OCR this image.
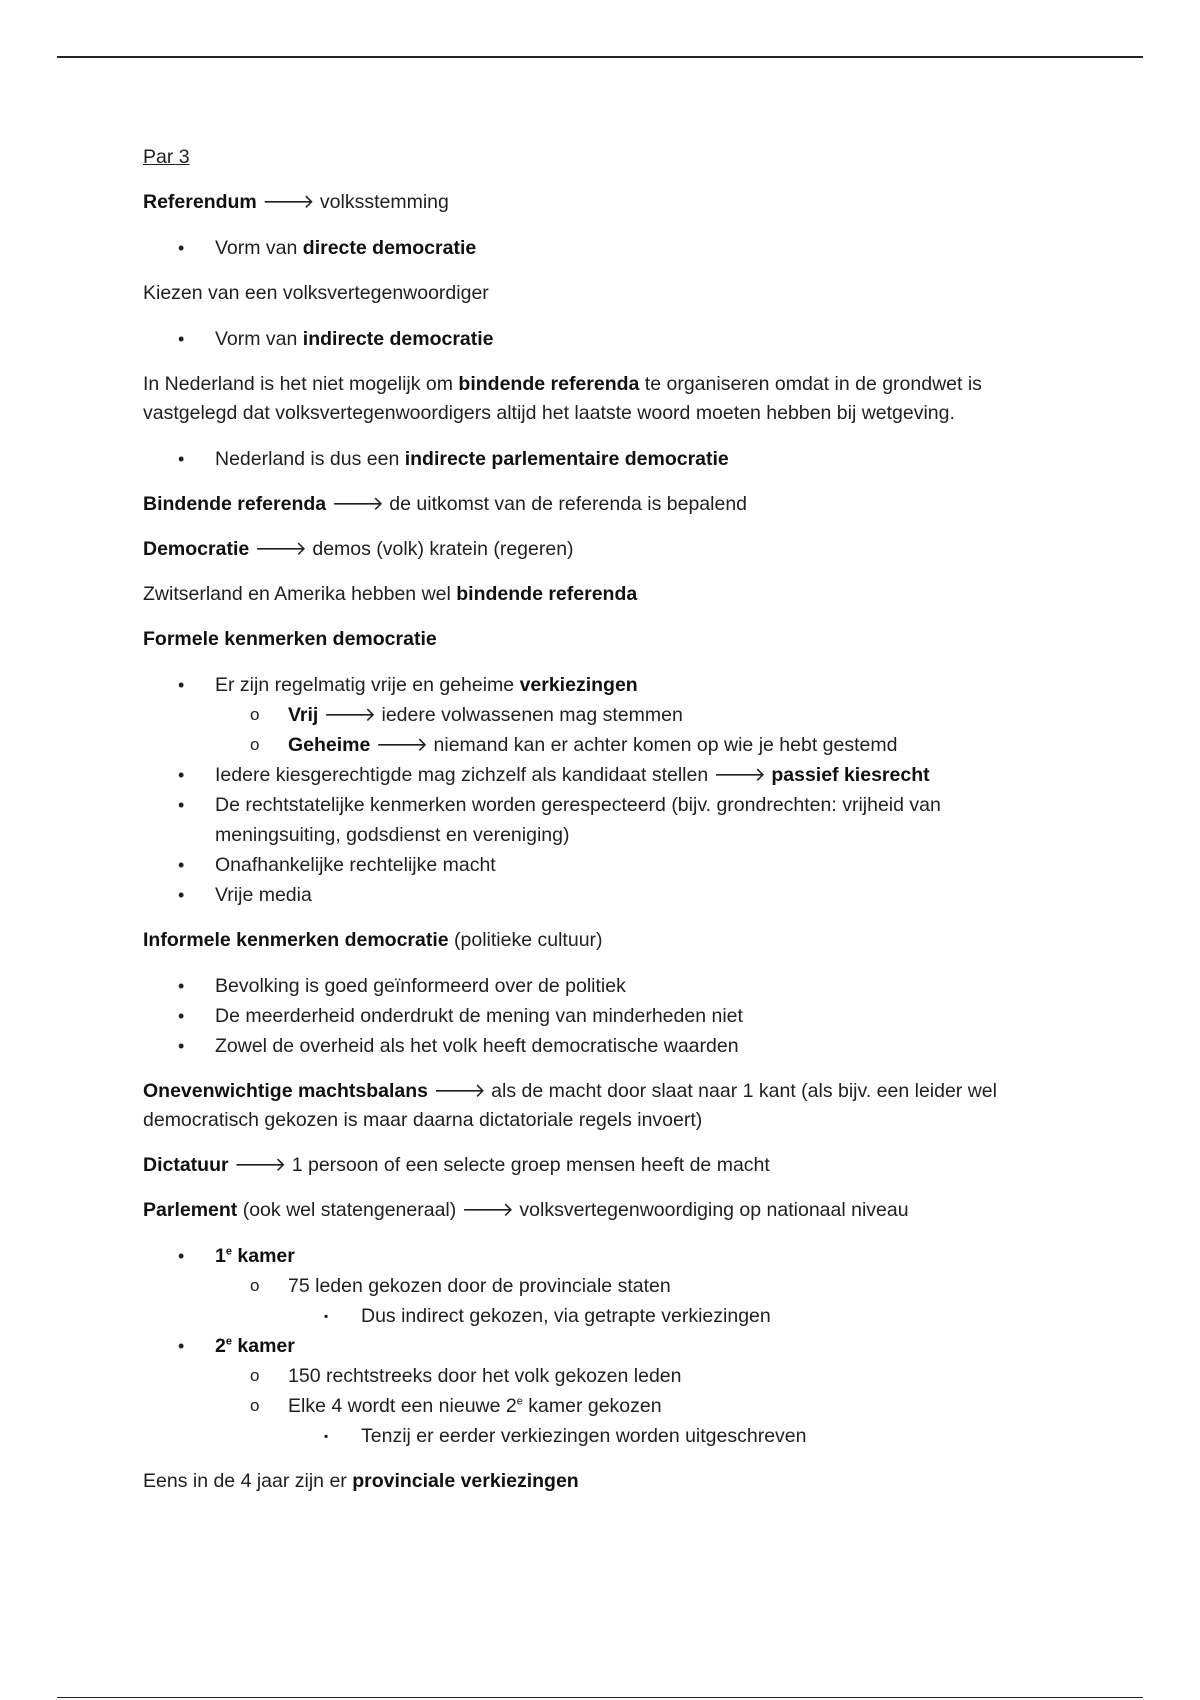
Par 3

Referendum 🡒 volksstemming

• Vorm van directe democratie

Kiezen van een volksvertegenwoordiger

• Vorm van indirecte democratie

In Nederland is het niet mogelijk om bindende referenda te organiseren omdat in de grondwet is vastgelegd dat volksvertegenwoordigers altijd het laatste woord moeten hebben bij wetgeving.

• Nederland is dus een indirecte parlementaire democratie

Bindende referenda 🡒 de uitkomst van de referenda is bepalend

Democratie 🡒 demos (volk) kratein (regeren)

Zwitserland en Amerika hebben wel bindende referenda

Formele kenmerken democratie

• Er zijn regelmatig vrije en geheime verkiezingen
o Vrij 🡒 iedere volwassenen mag stemmen
o Geheime 🡒 niemand kan er achter komen op wie je hebt gestemd
• Iedere kiesgerechtigde mag zichzelf als kandidaat stellen 🡒 passief kiesrecht
• De rechtstatelijke kenmerken worden gerespecteerd (bijv. grondrechten: vrijheid van meningsuiting, godsdienst en vereniging)
• Onafhankelijke rechtelijke macht
• Vrije media

Informele kenmerken democratie (politieke cultuur)

• Bevolking is goed geïnformeerd over de politiek
• De meerderheid onderdrukt de mening van minderheden niet
• Zowel de overheid als het volk heeft democratische waarden

Onevenwichtige machtsbalans 🡒 als de macht door slaat naar 1 kant (als bijv. een leider wel democratisch gekozen is maar daarna dictatoriale regels invoert)

Dictatuur 🡒 1 persoon of een selecte groep mensen heeft de macht

Parlement (ook wel statengeneraal) 🡒 volksvertegenwoordiging op nationaal niveau

• 1e kamer
o 75 leden gekozen door de provinciale staten
▪ Dus indirect gekozen, via getrapte verkiezingen
• 2e kamer
o 150 rechtstreeks door het volk gekozen leden
o Elke 4 wordt een nieuwe 2e kamer gekozen
▪ Tenzij er eerder verkiezingen worden uitgeschreven

Eens in de 4 jaar zijn er provinciale verkiezingen
